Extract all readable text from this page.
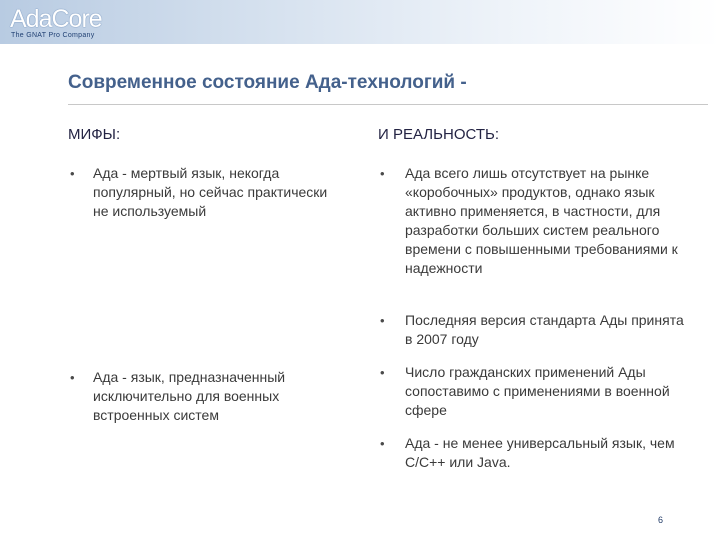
AdaCore
The GNAT Pro Company
Современное состояние Ада-технологий -
МИФЫ:	И РЕАЛЬНОСТЬ:
• Ада - мертвый язык, некогда популярный, но сейчас практически не используемый
• Ада - язык, предназначенный исключительно для военных встроенных систем
• Ада всего лишь отсутствует на рынке «коробочных» продуктов, однако язык активно применяется, в частности, для разработки больших систем реального времени с повышенными требованиями к надежности
• Последняя версия стандарта Ады принята в 2007 году
• Число гражданских применений Ады сопоставимо с применениями в военной сфере
• Ада - не менее универсальный язык, чем C/C++ или Java.
6
